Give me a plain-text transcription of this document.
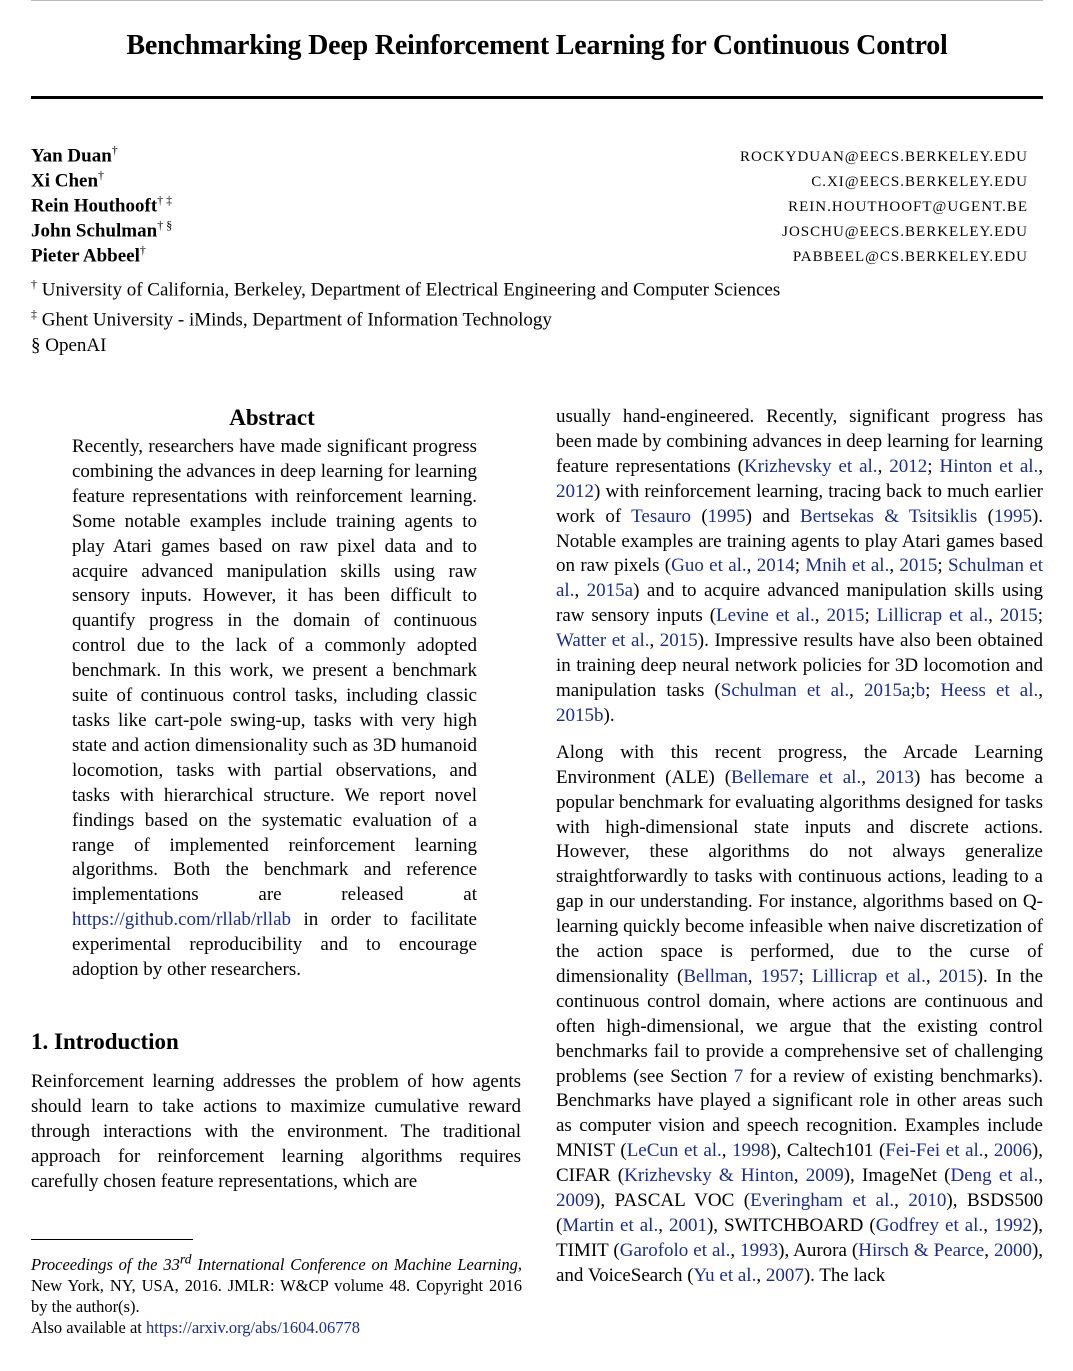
Benchmarking Deep Reinforcement Learning for Continuous Control
Yan Duan†	ROCKYDUAN@EECS.BERKELEY.EDU
Xi Chen†	C.XI@EECS.BERKELEY.EDU
Rein Houthooft† ‡	REIN.HOUTHOOFT@UGENT.BE
John Schulman† §	JOSCHU@EECS.BERKELEY.EDU
Pieter Abbeel†	PABBEEL@CS.BERKELEY.EDU
† University of California, Berkeley, Department of Electrical Engineering and Computer Sciences
‡ Ghent University - iMinds, Department of Information Technology
§ OpenAI
Abstract
Recently, researchers have made significant progress combining the advances in deep learning for learning feature representations with reinforcement learning. Some notable examples include training agents to play Atari games based on raw pixel data and to acquire advanced manipulation skills using raw sensory inputs. However, it has been difficult to quantify progress in the domain of continuous control due to the lack of a commonly adopted benchmark. In this work, we present a benchmark suite of continuous control tasks, including classic tasks like cart-pole swing-up, tasks with very high state and action dimensionality such as 3D humanoid locomotion, tasks with partial observations, and tasks with hierarchical structure. We report novel findings based on the systematic evaluation of a range of implemented reinforcement learning algorithms. Both the benchmark and reference implementations are released at https://github.com/rllab/rllab in order to facilitate experimental reproducibility and to encourage adoption by other researchers.
1. Introduction
Reinforcement learning addresses the problem of how agents should learn to take actions to maximize cumulative reward through interactions with the environment. The traditional approach for reinforcement learning algorithms requires carefully chosen feature representations, which are
Proceedings of the 33rd International Conference on Machine Learning, New York, NY, USA, 2016. JMLR: W&CP volume 48. Copyright 2016 by the author(s).
Also available at https://arxiv.org/abs/1604.06778

usually hand-engineered. Recently, significant progress has been made by combining advances in deep learning for learning feature representations (Krizhevsky et al., 2012; Hinton et al., 2012) with reinforcement learning, tracing back to much earlier work of Tesauro (1995) and Bertsekas & Tsitsiklis (1995). Notable examples are training agents to play Atari games based on raw pixels (Guo et al., 2014; Mnih et al., 2015; Schulman et al., 2015a) and to acquire advanced manipulation skills using raw sensory inputs (Levine et al., 2015; Lillicrap et al., 2015; Watter et al., 2015). Impressive results have also been obtained in training deep neural network policies for 3D locomotion and manipulation tasks (Schulman et al., 2015a;b; Heess et al., 2015b).

Along with this recent progress, the Arcade Learning Environment (ALE) (Bellemare et al., 2013) has become a popular benchmark for evaluating algorithms designed for tasks with high-dimensional state inputs and discrete actions. However, these algorithms do not always generalize straightforwardly to tasks with continuous actions, leading to a gap in our understanding. For instance, algorithms based on Q-learning quickly become infeasible when naive discretization of the action space is performed, due to the curse of dimensionality (Bellman, 1957; Lillicrap et al., 2015). In the continuous control domain, where actions are continuous and often high-dimensional, we argue that the existing control benchmarks fail to provide a comprehensive set of challenging problems (see Section 7 for a review of existing benchmarks). Benchmarks have played a significant role in other areas such as computer vision and speech recognition. Examples include MNIST (LeCun et al., 1998), Caltech101 (Fei-Fei et al., 2006), CIFAR (Krizhevsky & Hinton, 2009), ImageNet (Deng et al., 2009), PASCAL VOC (Everingham et al., 2010), BSDS500 (Martin et al., 2001), SWITCHBOARD (Godfrey et al., 1992), TIMIT (Garofolo et al., 1993), Aurora (Hirsch & Pearce, 2000), and VoiceSearch (Yu et al., 2007). The lack
